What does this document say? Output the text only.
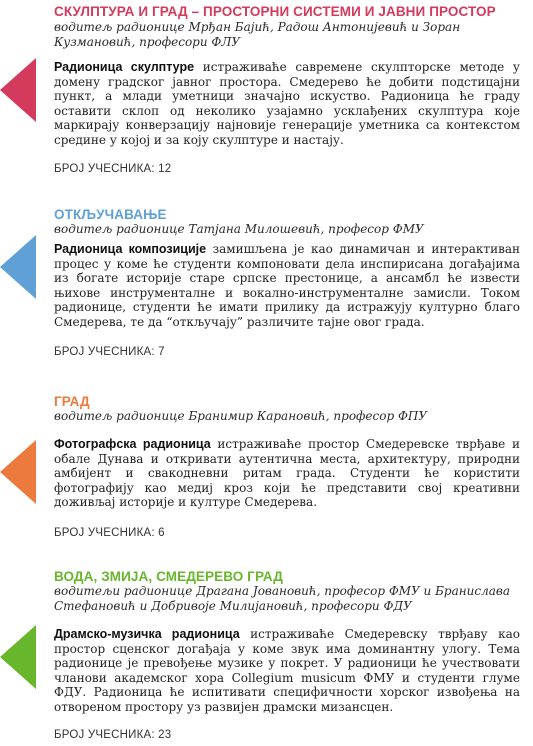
СКУЛПТУРА И ГРАД – ПРОСТОРНИ СИСТЕМИ И ЈАВНИ ПРОСТОР
водитељ радионице Мрђан Бајић, Радош Антонијевић и Зоран Кузмановић, професори ФЛУ
Радионица скулптуре истраживаће савремене скулпторске методе у домену градског јавног простора. Смедерево ће добити подстицајни пункт, а млади уметници значајно искуство. Радионица ће граду оставити склоп од неколико узајамно усклађених скулптура које маркирају конверзацију најновије генерације уметника са контекстом средине у којој и за коју скулптуре и настају.
БРОЈ УЧЕСНИКА: 12
ОТКЉУЧАВАЊЕ
водитељ радионице Татјана Милошевић, професор ФМУ
Радионица композиције замишљена је као динамичан и интерактиван процес у коме ће студенти компоновати дела инспирисана догађајима из богате историје старе српске престонице, а ансамбл ће извести њихове инструменталне и вокално-инструменталне замисли. Током радионице, студенти ће имати прилику да истражују културно благо Смедерева, те да “откључају” различите тајне овог града.
БРОЈ УЧЕСНИКА: 7
ГРАД
водитељ радионице Бранимир Карановић, професор ФПУ
Фотографска радионица истраживаће простор Смедеревске тврђаве и обале Дунава и откривати аутентична места, архитектуру, природни амбијент и свакодневни ритам града. Студенти ће користити фотографију као медиј кроз који ће представити свој креативни доживљај историје и културе Смедерева.
БРОЈ УЧЕСНИКА: 6
ВОДА, ЗМИЈА, СМЕДЕРЕВО ГРАД
водитељи радионице Драгана Јовановић, професор ФМУ и Бранислава Стефановић и Добривоје Милијановић, професори ФДУ
Драмско-музичка радионица истраживаће Смедеревску тврђаву као простор сценског догађаја у коме звук има доминантну улогу. Тема радионице је превођење музике у покрет. У радионици ће учествовати чланови академског хора Collegium musicum ФМУ и студенти глуме ФДУ. Радионица ће испитивати специфичности хорског извођења на отвореном простору уз развијен драмски мизансцен.
БРОЈ УЧЕСНИКА: 23
